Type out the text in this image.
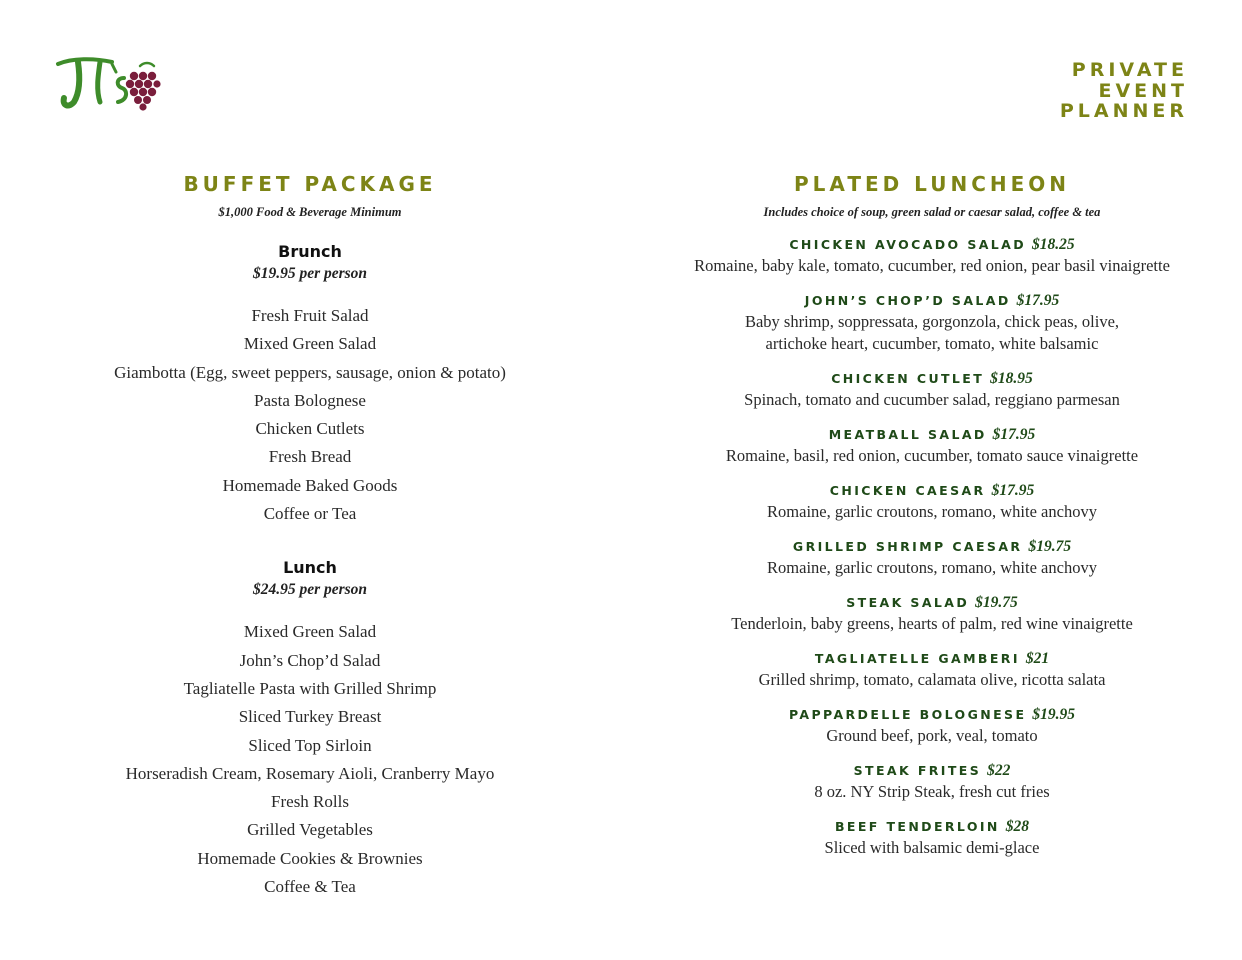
PRIVATE
EVENT
PLANNER
BUFFET PACKAGE
$1,000 Food & Beverage Minimum
Brunch
$19.95 per person
Fresh Fruit Salad
Mixed Green Salad
Giambotta (Egg, sweet peppers, sausage, onion & potato)
Pasta Bolognese
Chicken Cutlets
Fresh Bread
Homemade Baked Goods
Coffee or Tea
Lunch
$24.95 per person
Mixed Green Salad
John’s Chop’d Salad
Tagliatelle Pasta with Grilled Shrimp
Sliced Turkey Breast
Sliced Top Sirloin
Horseradish Cream, Rosemary Aioli, Cranberry Mayo
Fresh Rolls
Grilled Vegetables
Homemade Cookies & Brownies
Coffee & Tea
PLATED LUNCHEON
Includes choice of soup, green salad or caesar salad, coffee & tea
CHICKEN AVOCADO SALAD $18.25
Romaine, baby kale, tomato, cucumber, red onion, pear basil vinaigrette
JOHN’S CHOP’D SALAD $17.95
Baby shrimp, soppressata, gorgonzola, chick peas, olive,
artichoke heart, cucumber, tomato, white balsamic
CHICKEN CUTLET $18.95
Spinach, tomato and cucumber salad, reggiano parmesan
MEATBALL SALAD $17.95
Romaine, basil, red onion, cucumber, tomato sauce vinaigrette
CHICKEN CAESAR $17.95
Romaine, garlic croutons, romano, white anchovy
GRILLED SHRIMP CAESAR $19.75
Romaine, garlic croutons, romano, white anchovy
STEAK SALAD $19.75
Tenderloin, baby greens, hearts of palm, red wine vinaigrette
TAGLIATELLE GAMBERI $21
Grilled shrimp, tomato, calamata olive, ricotta salata
PAPPARDELLE BOLOGNESE $19.95
Ground beef, pork, veal, tomato
STEAK FRITES $22
8 oz. NY Strip Steak, fresh cut fries
BEEF TENDERLOIN $28
Sliced with balsamic demi-glace
